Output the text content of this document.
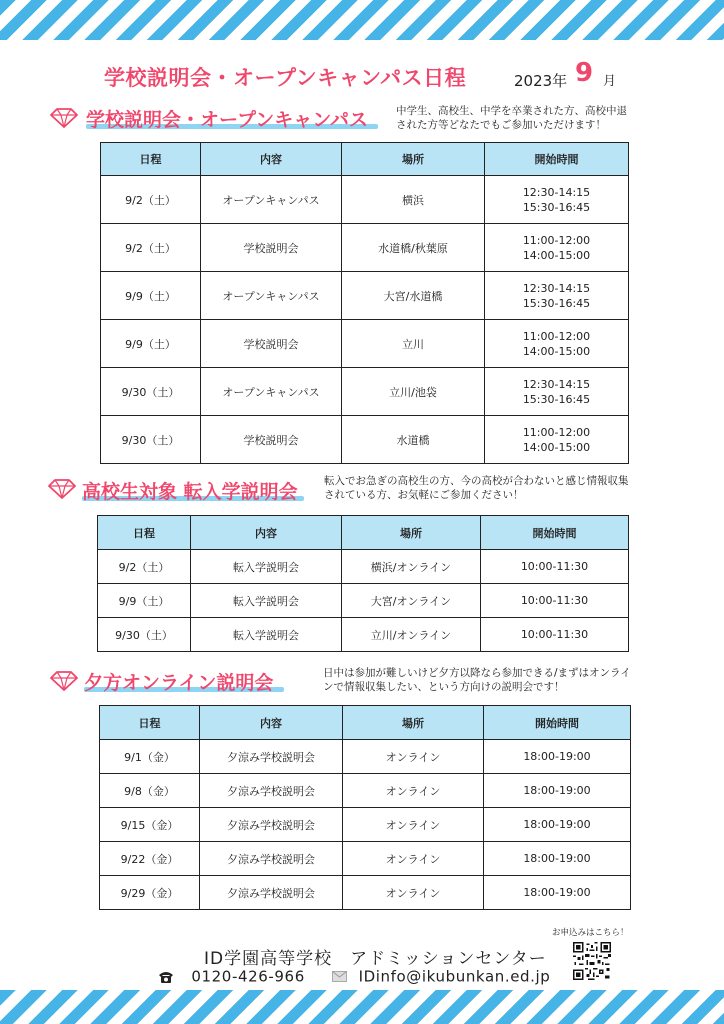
学校説明会・オープンキャンパス日程	2023年 9 月
学校説明会・オープンキャンパス	中学生、高校生、中学を卒業された方、高校中退
された方等どなたでもご参加いただけます！
日程	内容	場所	開始時間
9/2（土）	オープンキャンパス	横浜	12:30-14:15
15:30-16:45

9/2（土）	学校説明会	水道橋/秋葉原	11:00-12:00
14:00-15:00

9/9（土）	オープンキャンパス	大宮/水道橋	12:30-14:15
15:30-16:45

9/9（土）	学校説明会	立川	11:00-12:00
14:00-15:00

9/30（土）	オープンキャンパス	立川/池袋	12:30-14:15
15:30-16:45

9/30（土）	学校説明会	水道橋	11:00-12:00
14:00-15:00
高校生対象 転入学説明会	転入でお急ぎの高校生の方、今の高校が合わないと感じ情報収集
されている方、お気軽にご参加ください！
日程	内容	場所	開始時間
9/2（土）	転入学説明会	横浜/オンライン	10:00-11:30
9/9（土）	転入学説明会	大宮/オンライン	10:00-11:30
9/30（土）	転入学説明会	立川/オンライン	10:00-11:30
夕方オンライン説明会	日中は参加が難しいけど夕方以降なら参加できる/まずはオンライ
ンで情報収集したい、という方向けの説明会です！
日程	内容	場所	開始時間
9/1（金）	夕涼み学校説明会	オンライン	18:00-19:00
9/8（金）	夕涼み学校説明会	オンライン	18:00-19:00
9/15（金）	夕涼み学校説明会	オンライン	18:00-19:00
9/22（金）	夕涼み学校説明会	オンライン	18:00-19:00
9/29（金）	夕涼み学校説明会	オンライン	18:00-19:00
お申込みはこちら！
ID学園高等学校　アドミッションセンター
0120-426-966	IDinfo@ikubunkan.ed.jp
